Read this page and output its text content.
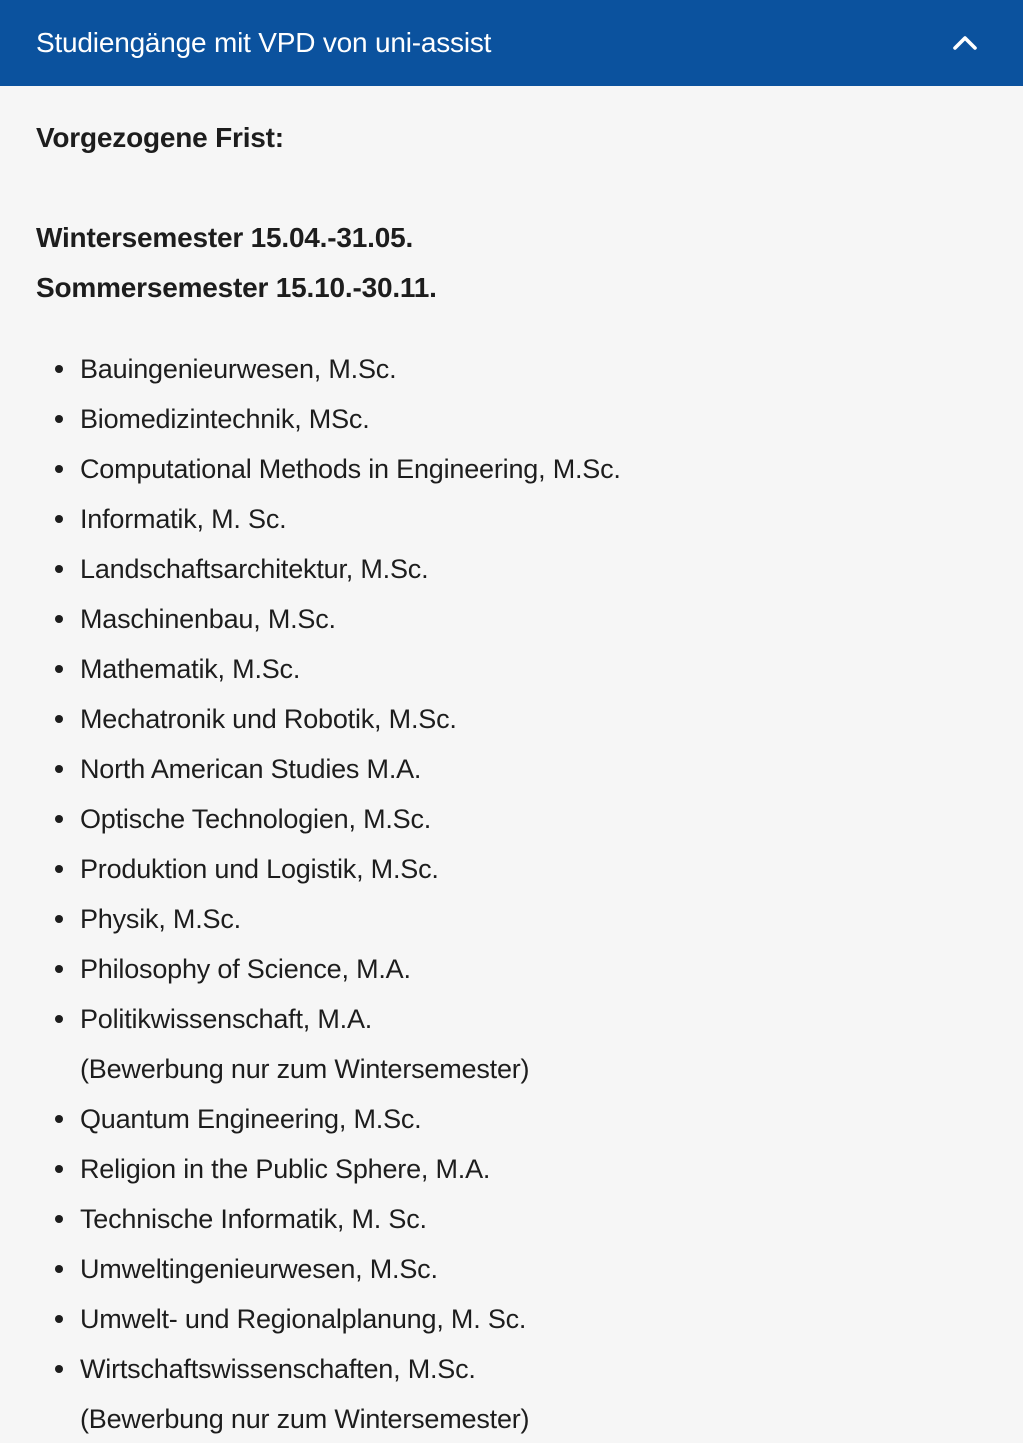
Studiengänge mit VPD von uni-assist

Vorgezogene Frist:

Wintersemester 15.04.-31.05.

Sommersemester 15.10.-30.11.

Bauingenieurwesen, M.Sc.
Biomedizintechnik, MSc.
Computational Methods in Engineering, M.Sc.
Informatik, M. Sc.
Landschaftsarchitektur, M.Sc.
Maschinenbau, M.Sc.
Mathematik, M.Sc.
Mechatronik und Robotik, M.Sc.
North American Studies M.A.
Optische Technologien, M.Sc.
Produktion und Logistik, M.Sc.
Physik, M.Sc.
Philosophy of Science, M.A.
Politikwissenschaft, M.A.
(Bewerbung nur zum Wintersemester)
Quantum Engineering, M.Sc.
Religion in the Public Sphere, M.A.
Technische Informatik, M. Sc.
Umweltingenieurwesen, M.Sc.
Umwelt- und Regionalplanung, M. Sc.
Wirtschaftswissenschaften, M.Sc.
(Bewerbung nur zum Wintersemester)
